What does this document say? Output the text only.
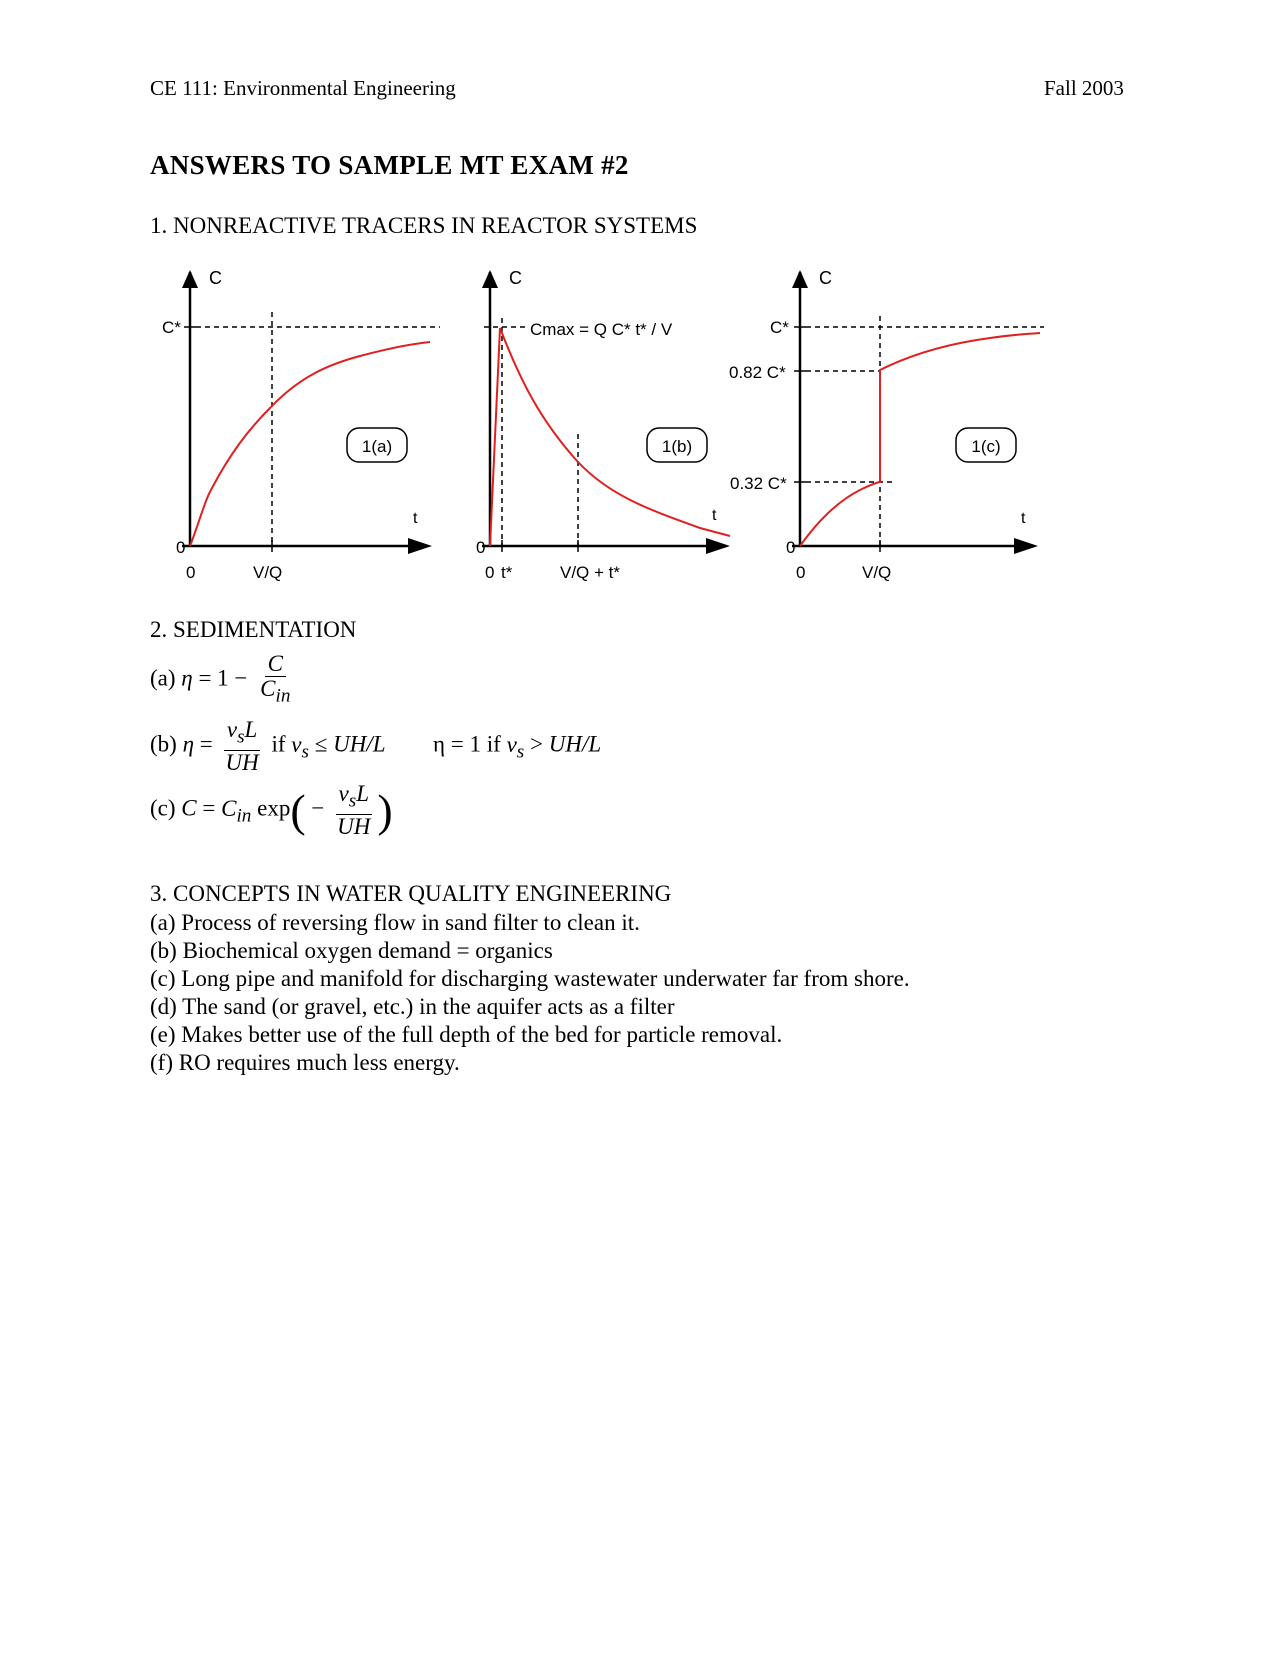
CE 111: Environmental Engineering	Fall 2003
ANSWERS TO SAMPLE MT EXAM #2
1. NONREACTIVE TRACERS IN REACTOR SYSTEMS
1(a)
C
C*
0
0	V/Q
t
1(b)
C
Cmax = Q C* t* / V
0
0 t*	V/Q + t*
t
1(c)
C
C*
0.82 C*
0.32 C*
0
0	V/Q
t
2. SEDIMENTATION
(a) $\eta = 1 - \frac{C}{C_{in}}$
(b) $\eta = \frac{v_sL}{UH}$ if $v_s \le UH/L$ η = 1 if $v_s > UH/L$
(c) $C = C_{in}$ $\exp( - \frac{v_sL}{UH}$ )
3. CONCEPTS IN WATER QUALITY ENGINEERING
(a) Process of reversing flow in sand filter to clean it.
(b) Biochemical oxygen demand = organics
(c) Long pipe and manifold for discharging wastewater underwater far from shore.
(d) The sand (or gravel, etc.) in the aquifer acts as a filter
(e) Makes better use of the full depth of the bed for particle removal.
(f) RO requires much less energy.
